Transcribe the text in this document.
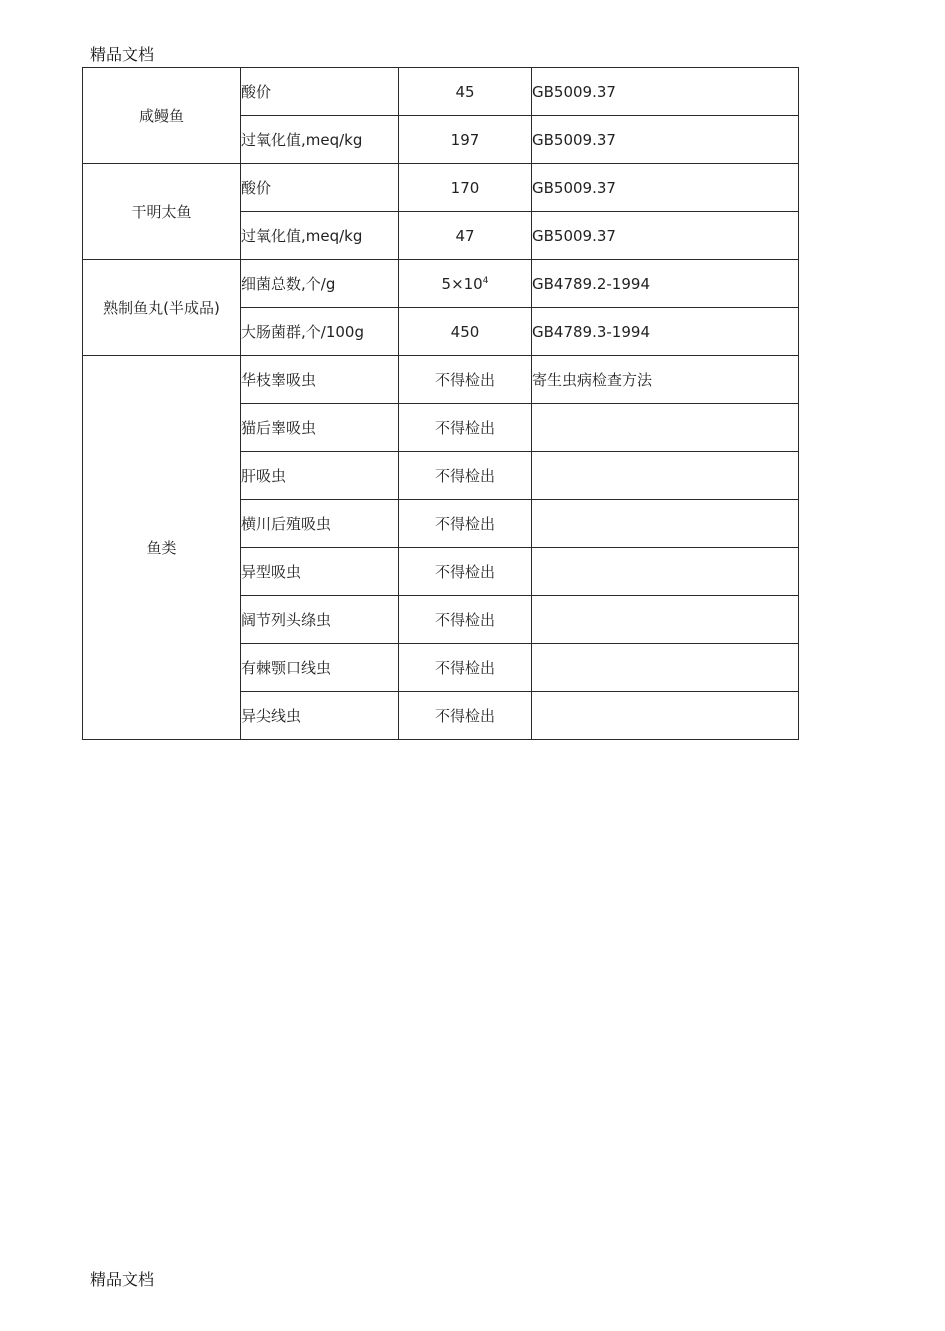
精品文档
咸鳗鱼	酸价	45	GB5009.37
	过氧化值,meq/kg	197	GB5009.37
干明太鱼	酸价	170	GB5009.37
	过氧化值,meq/kg	47	GB5009.37
熟制鱼丸(半成品)	细菌总数,个/g	$5\times 10^4$	GB4789.2-1994
	大肠菌群,个/100g	450	GB4789.3-1994
鱼类	华枝睾吸虫	不得检出	寄生虫病检查方法
	猫后睾吸虫	不得检出	
	肝吸虫	不得检出	
	横川后殖吸虫	不得检出	
	异型吸虫	不得检出	
	阔节列头绦虫	不得检出	
	有棘颚口线虫	不得检出	
	异尖线虫	不得检出	
精品文档
